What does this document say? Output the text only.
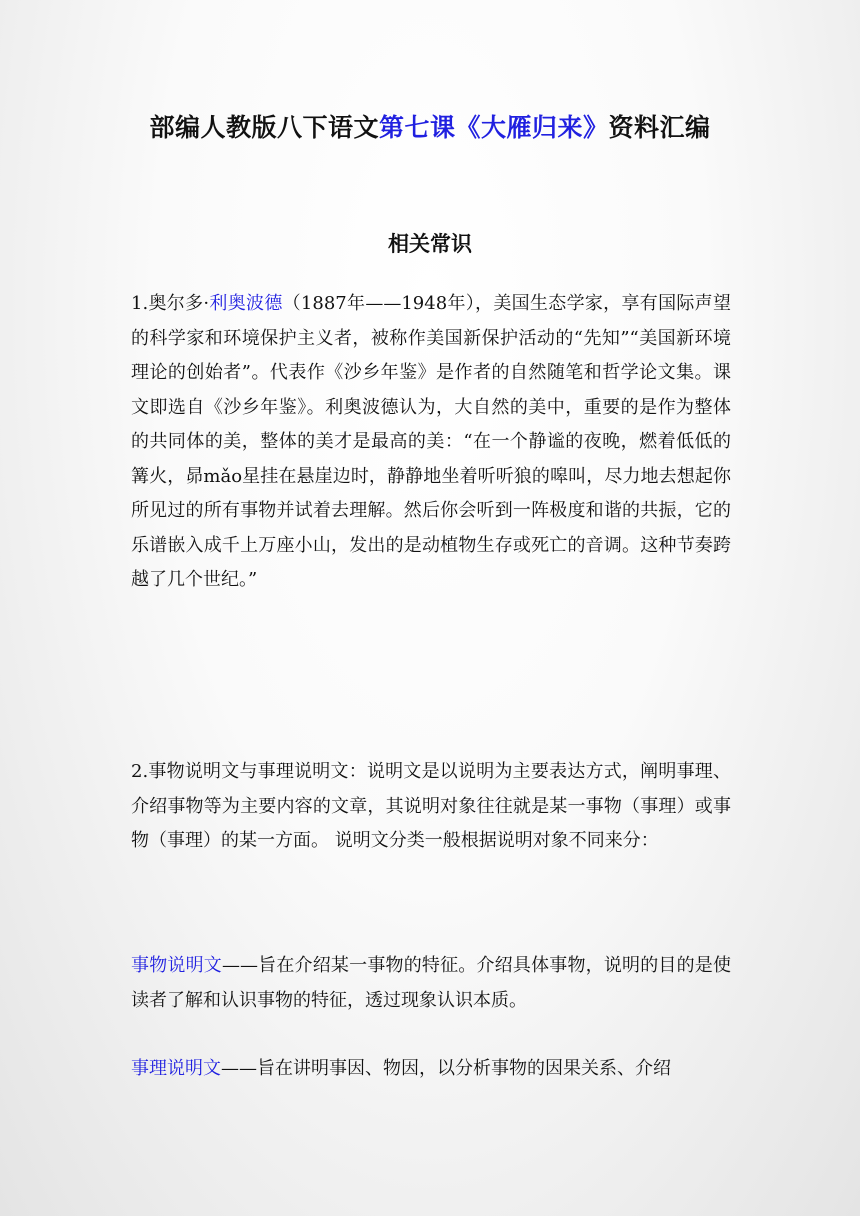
部编人教版八下语文第七课《大雁归来》资料汇编
相关常识

1.奥尔多·利奥波德（1887年——1948年），美国生态学家，享有国际声望的科学家和环境保护主义者，被称作美国新保护活动的“先知”“美国新环境理论的创始者”。代表作《沙乡年鉴》是作者的自然随笔和哲学论文集。课文即选自《沙乡年鉴》。利奥波德认为，大自然的美中，重要的是作为整体的共同体的美，整体的美才是最高的美：“在一个静谧的夜晚，燃着低低的篝火，昴mǎo星挂在悬崖边时，静静地坐着听听狼的嗥叫，尽力地去想起你所见过的所有事物并试着去理解。然后你会听到一阵极度和谐的共振，它的乐谱嵌入成千上万座小山，发出的是动植物生存或死亡的音调。这种节奏跨越了几个世纪。”

2.事物说明文与事理说明文：说明文是以说明为主要表达方式，阐明事理、介绍事物等为主要内容的文章，其说明对象往往就是某一事物（事理）或事物（事理）的某一方面。 说明文分类一般根据说明对象不同来分：

事物说明文——旨在介绍某一事物的特征。介绍具体事物，说明的目的是使读者了解和认识事物的特征，透过现象认识本质。

事理说明文——旨在讲明事因、物因，以分析事物的因果关系、介绍
